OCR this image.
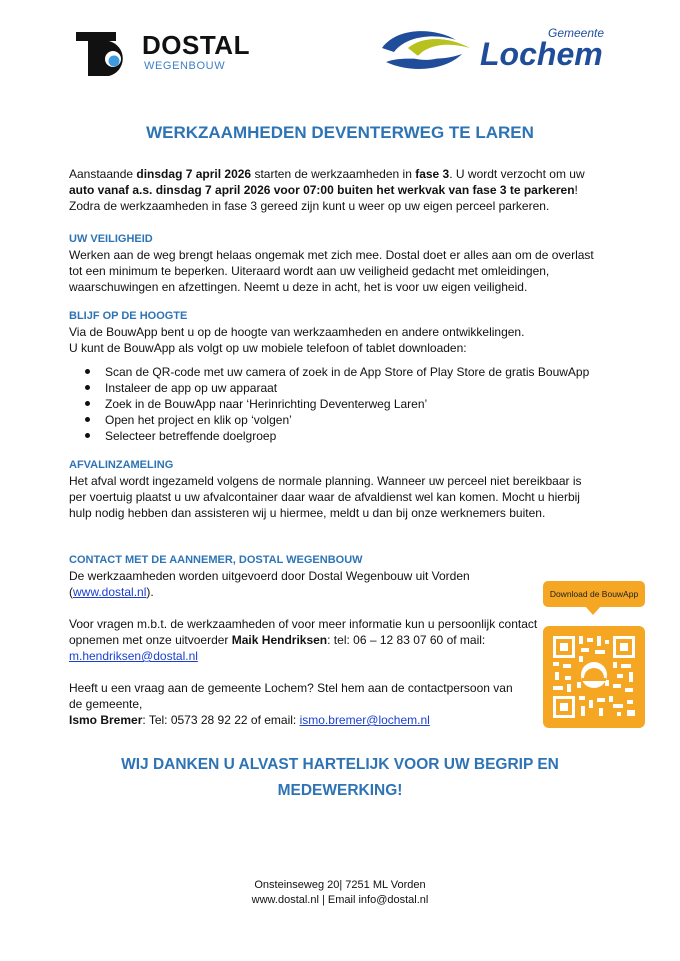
DOSTAL
WEGENBOUW
Gemeente
Lochem
WERKZAAMHEDEN DEVENTERWEG TE LAREN

Aanstaande dinsdag 7 april 2026 starten de werkzaamheden in fase 3. U wordt verzocht om uw auto vanaf a.s. dinsdag 7 april 2026 voor 07:00 buiten het werkvak van fase 3 te parkeren! Zodra de werkzaamheden in fase 3 gereed zijn kunt u weer op uw eigen perceel parkeren.

UW VEILIGHEID

Werken aan de weg brengt helaas ongemak met zich mee. Dostal doet er alles aan om de overlast tot een minimum te beperken. Uiteraard wordt aan uw veiligheid gedacht met omleidingen, waarschuwingen en afzettingen. Neemt u deze in acht, het is voor uw eigen veiligheid.

BLIJF OP DE HOOGTE

Via de BouwApp bent u op de hoogte van werkzaamheden en andere ontwikkelingen.

U kunt de BouwApp als volgt op uw mobiele telefoon of tablet downloaden:

Scan de QR-code met uw camera of zoek in de App Store of Play Store de gratis BouwApp
Instaleer de app op uw apparaat
Zoek in de BouwApp naar ‘Herinrichting Deventerweg Laren’
Open het project en klik op ‘volgen’
Selecteer betreffende doelgroep

AFVALINZAMELING

Het afval wordt ingezameld volgens de normale planning. Wanneer uw perceel niet bereikbaar is per voertuig plaatst u uw afvalcontainer daar waar de afvaldienst wel kan komen. Mocht u hierbij hulp nodig hebben dan assisteren wij u hiermee, meldt u dan bij onze werknemers buiten.

CONTACT MET DE AANNEMER, DOSTAL WEGENBOUW

De werkzaamheden worden uitgevoerd door Dostal Wegenbouw uit Vorden

(www.dostal.nl).

Voor vragen m.b.t. de werkzaamheden of voor meer informatie kun u persoonlijk contact opnemen met onze uitvoerder Maik Hendriksen: tel: 06 – 12 83 07 60 of mail: m.hendriksen@dostal.nl

Heeft u een vraag aan de gemeente Lochem? Stel hem aan de contactpersoon van de gemeente,

Ismo Bremer: Tel: 0573 28 92 22 of email: ismo.bremer@lochem.nl

Download de BouwApp
WIJ DANKEN U ALVAST HARTELIJK VOOR UW BEGRIP EN
MEDEWERKING!
Onsteinseweg 20| 7251 ML Vorden
www.dostal.nl | Email info@dostal.nl
